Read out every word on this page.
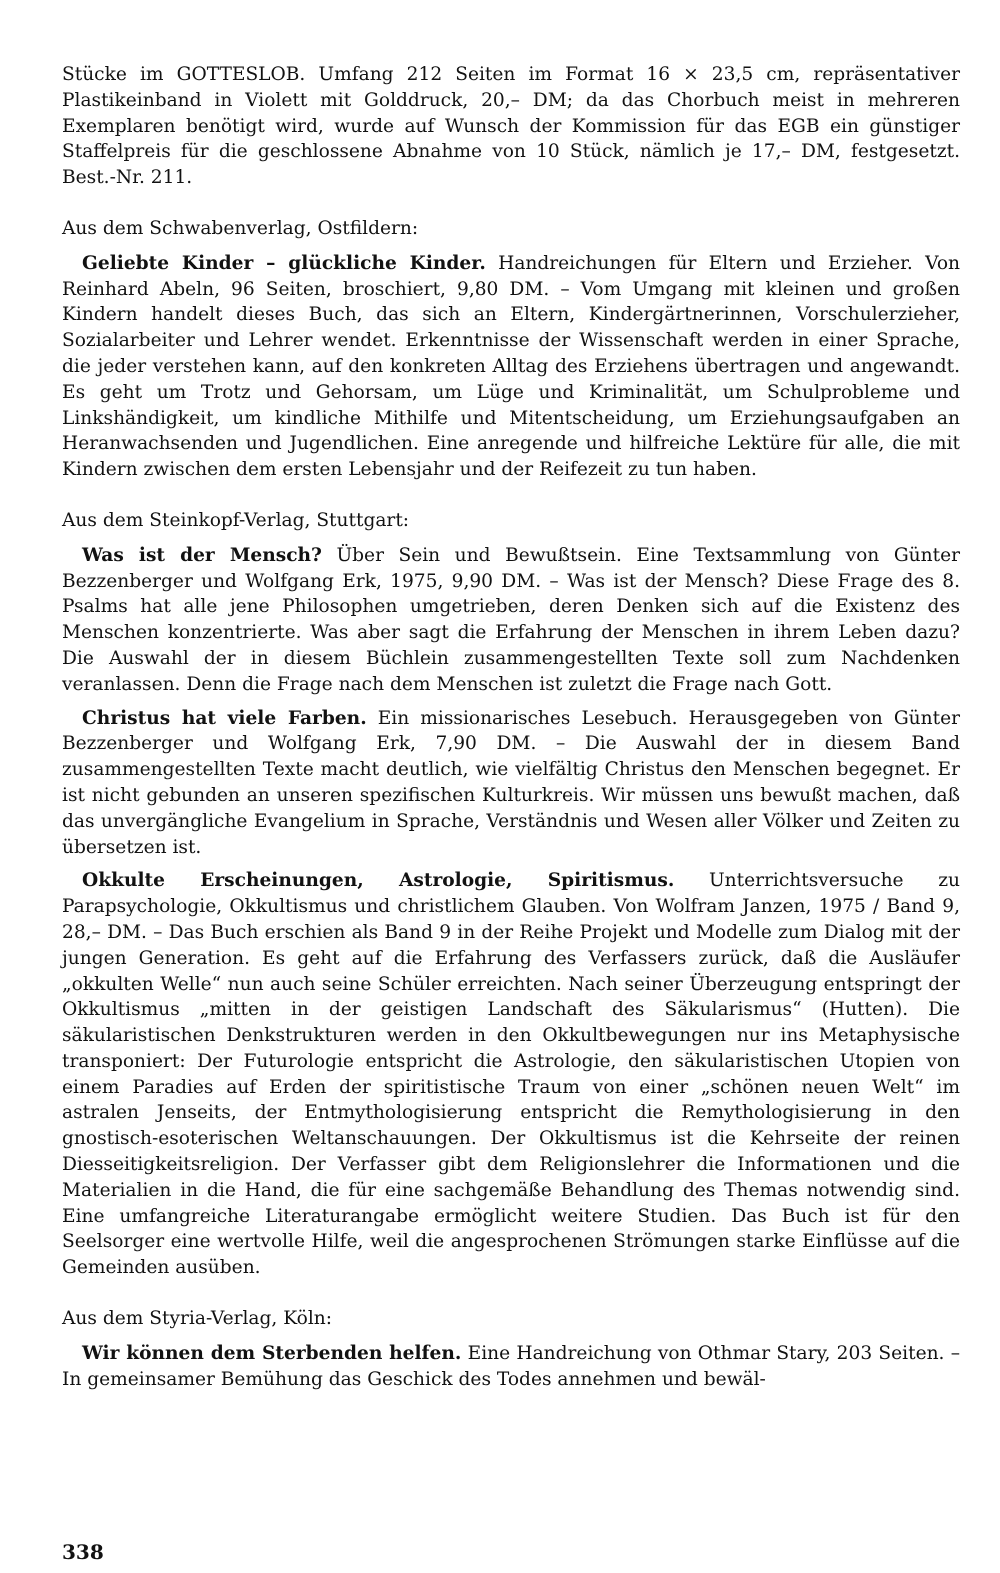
Stücke im GOTTESLOB. Umfang 212 Seiten im Format 16 × 23,5 cm, repräsentativer Plastikeinband in Violett mit Golddruck, 20,– DM; da das Chorbuch meist in mehreren Exemplaren benötigt wird, wurde auf Wunsch der Kommission für das EGB ein günstiger Staffelpreis für die geschlossene Abnahme von 10 Stück, nämlich je 17,– DM, festgesetzt. Best.-Nr. 211.

Aus dem Schwabenverlag, Ostfildern:

Geliebte Kinder – glückliche Kinder. Handreichungen für Eltern und Erzieher. Von Reinhard Abeln, 96 Seiten, broschiert, 9,80 DM. – Vom Umgang mit kleinen und großen Kindern handelt dieses Buch, das sich an Eltern, Kindergärtnerinnen, Vorschulerzieher, Sozialarbeiter und Lehrer wendet. Erkenntnisse der Wissenschaft werden in einer Sprache, die jeder verstehen kann, auf den konkreten Alltag des Erziehens übertragen und angewandt. Es geht um Trotz und Gehorsam, um Lüge und Kriminalität, um Schulprobleme und Linkshändigkeit, um kindliche Mithilfe und Mitentscheidung, um Erziehungsaufgaben an Heranwachsenden und Jugendlichen. Eine anregende und hilfreiche Lektüre für alle, die mit Kindern zwischen dem ersten Lebensjahr und der Reifezeit zu tun haben.

Aus dem Steinkopf-Verlag, Stuttgart:

Was ist der Mensch? Über Sein und Bewußtsein. Eine Textsammlung von Günter Bezzenberger und Wolfgang Erk, 1975, 9,90 DM. – Was ist der Mensch? Diese Frage des 8. Psalms hat alle jene Philosophen umgetrieben, deren Denken sich auf die Existenz des Menschen konzentrierte. Was aber sagt die Erfahrung der Menschen in ihrem Leben dazu? Die Auswahl der in diesem Büchlein zusammengestellten Texte soll zum Nachdenken veranlassen. Denn die Frage nach dem Menschen ist zuletzt die Frage nach Gott.

Christus hat viele Farben. Ein missionarisches Lesebuch. Herausgegeben von Günter Bezzenberger und Wolfgang Erk, 7,90 DM. – Die Auswahl der in diesem Band zusammengestellten Texte macht deutlich, wie vielfältig Christus den Menschen begegnet. Er ist nicht gebunden an unseren spezifischen Kulturkreis. Wir müssen uns bewußt machen, daß das unvergängliche Evangelium in Sprache, Verständnis und Wesen aller Völker und Zeiten zu übersetzen ist.

Okkulte Erscheinungen, Astrologie, Spiritismus. Unterrichtsversuche zu Parapsychologie, Okkultismus und christlichem Glauben. Von Wolfram Janzen, 1975 / Band 9, 28,– DM. – Das Buch erschien als Band 9 in der Reihe Projekt und Modelle zum Dialog mit der jungen Generation. Es geht auf die Erfahrung des Verfassers zurück, daß die Ausläufer „okkulten Welle“ nun auch seine Schüler erreichten. Nach seiner Überzeugung entspringt der Okkultismus „mitten in der geistigen Landschaft des Säkularismus“ (Hutten). Die säkularistischen Denkstrukturen werden in den Okkultbewegungen nur ins Metaphysische transponiert: Der Futurologie entspricht die Astrologie, den säkularistischen Utopien von einem Paradies auf Erden der spiritistische Traum von einer „schönen neuen Welt“ im astralen Jenseits, der Entmythologisierung entspricht die Remythologisierung in den gnostisch-esoterischen Weltanschauungen. Der Okkultismus ist die Kehrseite der reinen Diesseitigkeitsreligion. Der Verfasser gibt dem Religionslehrer die Informationen und die Materialien in die Hand, die für eine sachgemäße Behandlung des Themas notwendig sind. Eine umfangreiche Literaturangabe ermöglicht weitere Studien. Das Buch ist für den Seelsorger eine wertvolle Hilfe, weil die angesprochenen Strömungen starke Einflüsse auf die Gemeinden ausüben.

Aus dem Styria-Verlag, Köln:

Wir können dem Sterbenden helfen. Eine Handreichung von Othmar Stary, 203 Seiten. – In gemeinsamer Bemühung das Geschick des Todes annehmen und bewäl-

338
